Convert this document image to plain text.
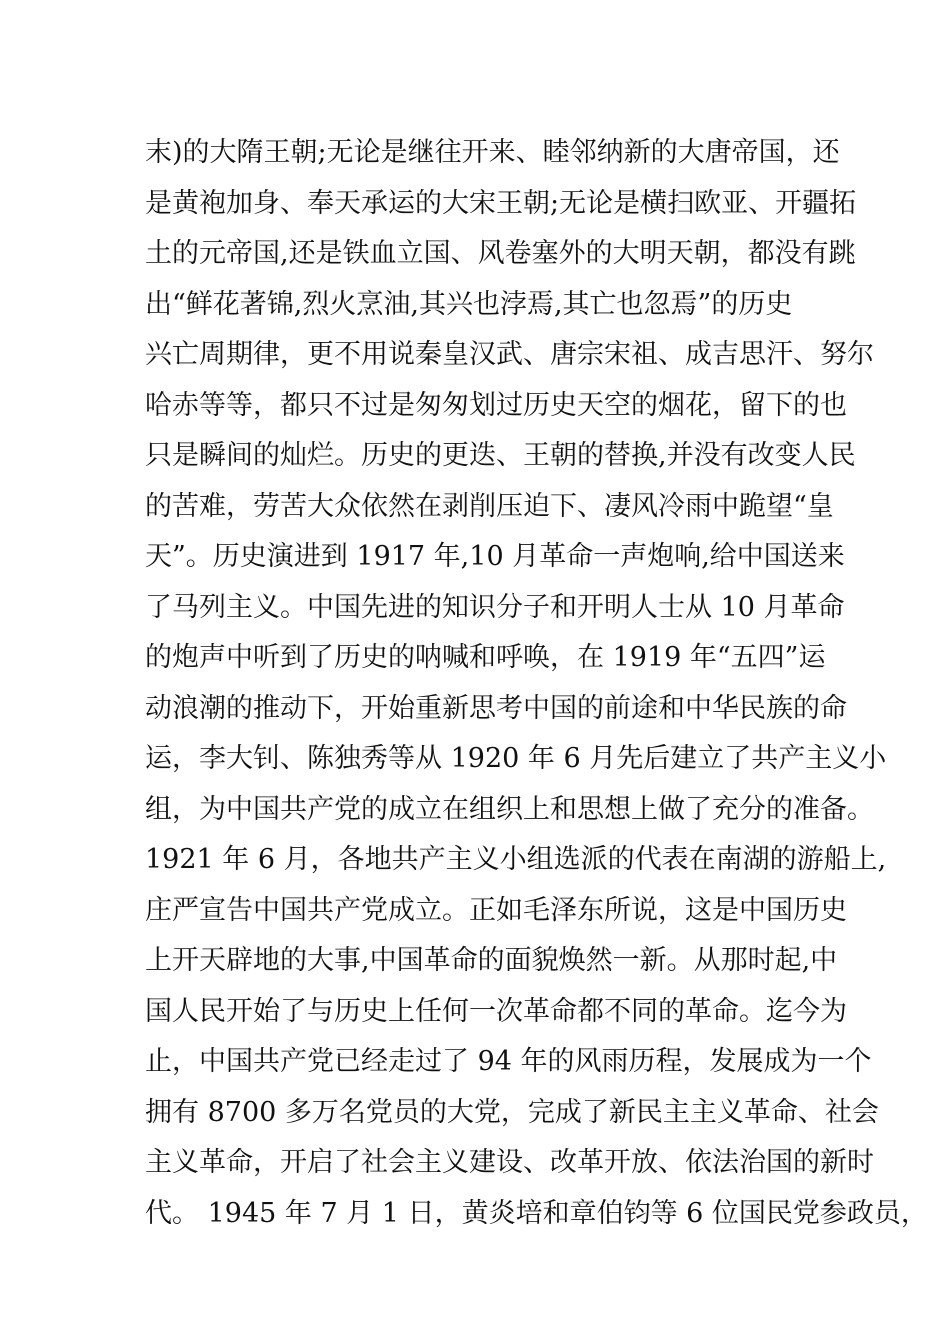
末)的大隋王朝;无论是继往开来、睦邻纳新的大唐帝国，还
是黄袍加身、奉天承运的大宋王朝;无论是横扫欧亚、开疆拓
土的元帝国,还是铁血立国、风卷塞外的大明天朝，都没有跳
出“鲜花著锦,烈火烹油,其兴也浡焉,其亡也忽焉”的历史
兴亡周期律，更不用说秦皇汉武、唐宗宋祖、成吉思汗、努尔
哈赤等等，都只不过是匆匆划过历史天空的烟花，留下的也
只是瞬间的灿烂。历史的更迭、王朝的替换,并没有改变人民
的苦难，劳苦大众依然在剥削压迫下、凄风冷雨中跪望“皇
天”。历史演进到 1917 年,10 月革命一声炮响,给中国送来
了马列主义。中国先进的知识分子和开明人士从 10 月革命
的炮声中听到了历史的呐喊和呼唤，在 1919 年“五四”运
动浪潮的推动下，开始重新思考中国的前途和中华民族的命
运，李大钊、陈独秀等从 1920 年 6 月先后建立了共产主义小
组，为中国共产党的成立在组织上和思想上做了充分的准备。
1921 年 6 月，各地共产主义小组选派的代表在南湖的游船上,
庄严宣告中国共产党成立。正如毛泽东所说，这是中国历史
上开天辟地的大事,中国革命的面貌焕然一新。从那时起,中
国人民开始了与历史上任何一次革命都不同的革命。迄今为
止，中国共产党已经走过了 94 年的风雨历程，发展成为一个
拥有 8700 多万名党员的大党，完成了新民主主义革命、社会
主义革命，开启了社会主义建设、改革开放、依法治国的新时
代。 1945 年 7 月 1 日，黄炎培和章伯钧等 6 位国民党参政员，
